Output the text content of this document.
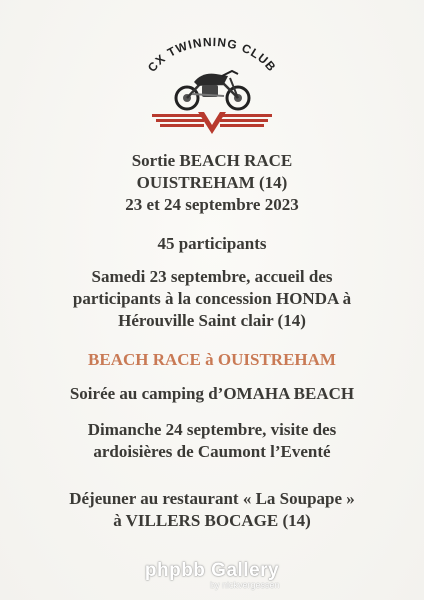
CX TWINNING CLUB
Sortie BEACH RACE
OUISTREHAM (14)
23 et 24 septembre 2023
45 participants
Samedi 23 septembre, accueil des
participants à la concession HONDA à
Hérouville Saint clair (14)
BEACH RACE à OUISTREHAM
Soirée au camping d’OMAHA BEACH
Dimanche 24 septembre, visite des
ardoisières de Caumont l’Eventé
Déjeuner au restaurant « La Soupape »
à VILLERS BOCAGE (14)
phpbb Gallery
by nickvergessen
